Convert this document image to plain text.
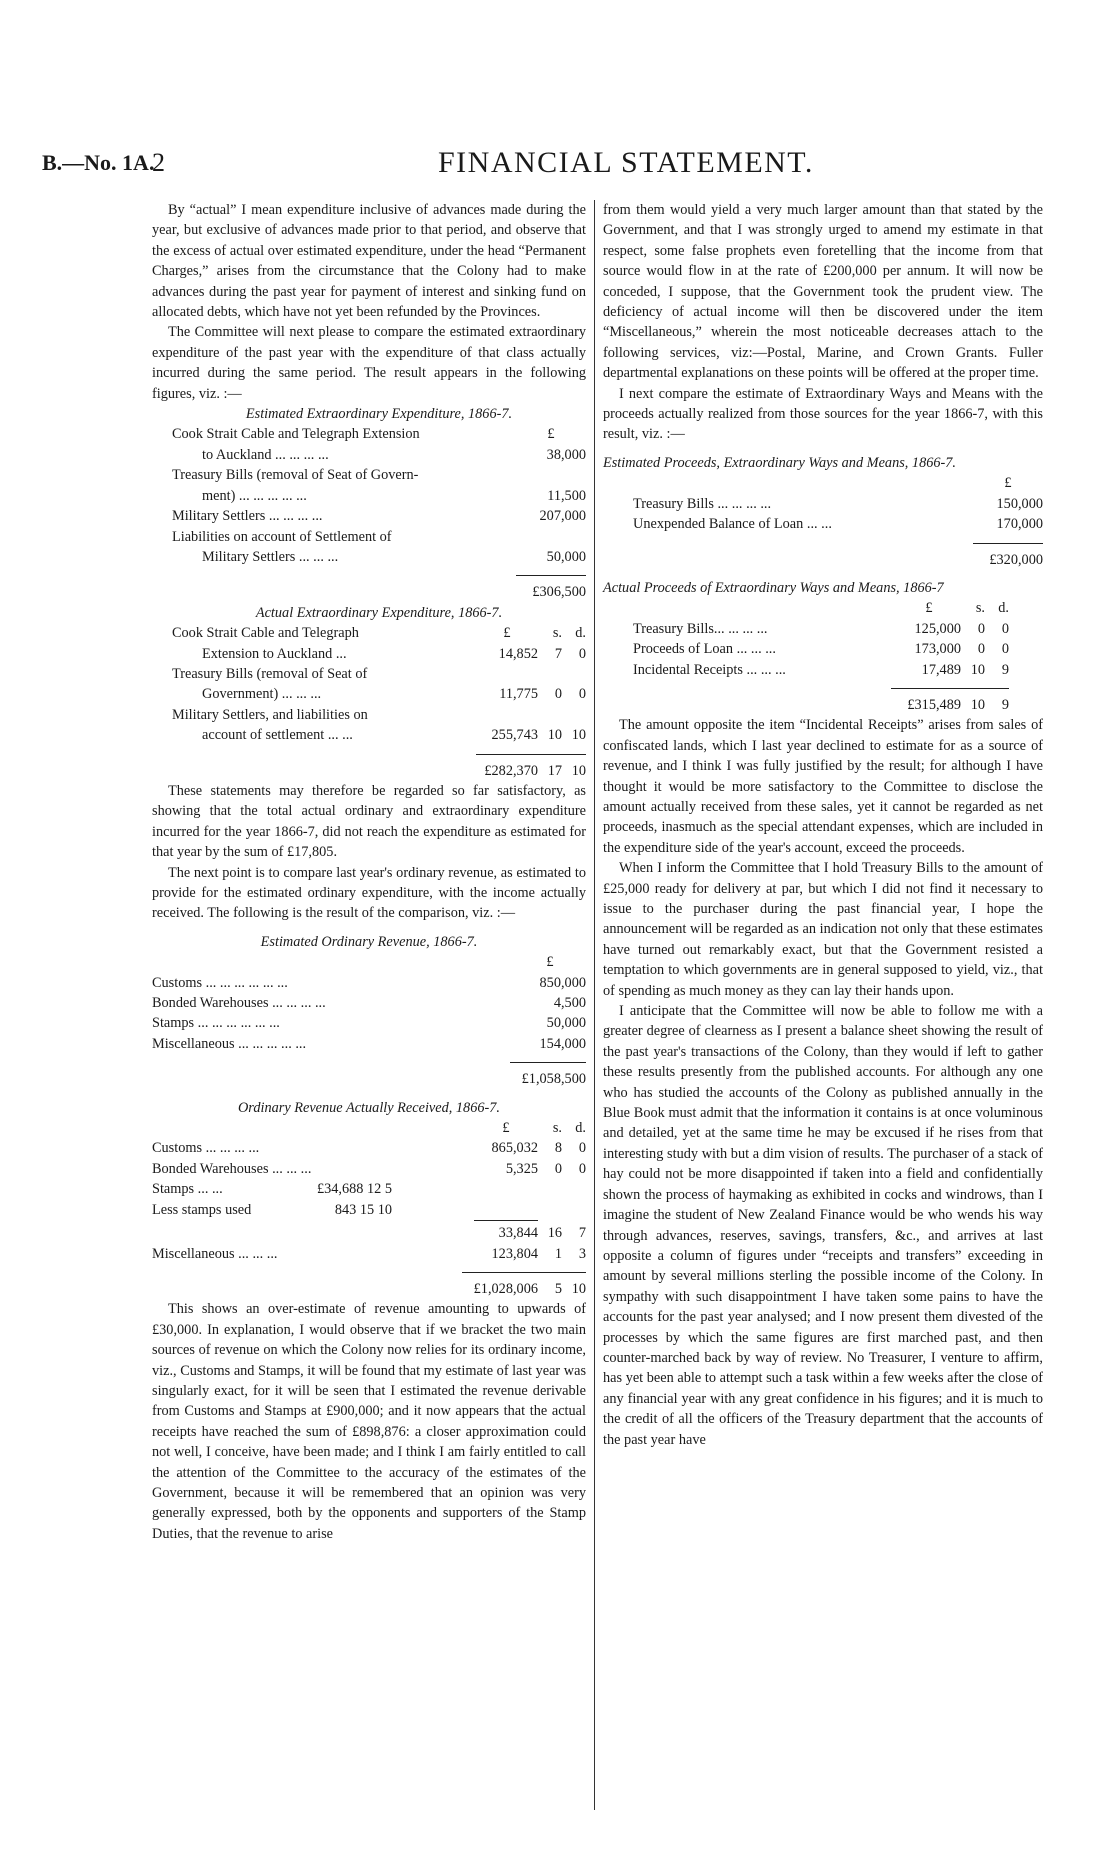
B.—No. 1A.
2	FINANCIAL STATEMENT.

By “actual” I mean expenditure inclusive of advances made during the year, but exclusive of advances made prior to that period, and observe that the excess of actual over estimated expenditure, under the head “Permanent Charges,” arises from the circumstance that the Colony had to make advances during the past year for payment of interest and sinking fund on allocated debts, which have not yet been refunded by the Provinces.

The Committee will next please to compare the estimated extraordinary expenditure of the past year with the expenditure of that class actually incurred during the same period. The result appears in the following figures, viz. :—

Estimated Extraordinary Expenditure, 1866-7.
Cook Strait Cable and Telegraph Extension	£
to Auckland ... ... ... ...	38,000
Treasury Bills (removal of Seat of Govern-
ment) ... ... ... ... ...	11,500
Military Settlers ... ... ... ...	207,000
Liabilities on account of Settlement of
Military Settlers ... ... ...	50,000
£306,500
Actual Extraordinary Expenditure, 1866-7.
Cook Strait Cable and Telegraph	£	s. d.
Extension to Auckland ...	14,852	7	0
Treasury Bills (removal of Seat of
Government) ... ... ...	11,775	0	0
Military Settlers, and liabilities on
account of settlement ... ...	255,743 10 10
£282,370 17 10

These statements may therefore be regarded so far satisfactory, as showing that the total actual ordinary and extraordinary expenditure incurred for the year 1866-7, did not reach the expenditure as estimated for that year by the sum of £17,805.

The next point is to compare last year's ordinary revenue, as estimated to provide for the estimated ordinary expenditure, with the income actually received. The following is the result of the comparison, viz. :—

Estimated Ordinary Revenue, 1866-7.
£
Customs ... ... ... ... ... ...	850,000
Bonded Warehouses ... ... ... ...	4,500
Stamps ... ... ... ... ... ...	50,000
Miscellaneous ... ... ... ... ...	154,000
£1,058,500
Ordinary Revenue Actually Received, 1866-7.
£	s. d.
Customs ... ... ... ...	865,032	8	0
Bonded Warehouses ... ... ...	5,325	0	0
Stamps ... ...	£34,688 12 5
Less stamps used	843 15 10
33,844 16	7
Miscellaneous ... ... ...	123,804	1	3
£1,028,006	5 10

This shows an over-estimate of revenue amounting to upwards of £30,000. In explanation, I would observe that if we bracket the two main sources of revenue on which the Colony now relies for its ordinary income, viz., Customs and Stamps, it will be found that my estimate of last year was singularly exact, for it will be seen that I estimated the revenue derivable from Customs and Stamps at £900,000; and it now appears that the actual receipts have reached the sum of £898,876: a closer approximation could not well, I conceive, have been made; and I think I am fairly entitled to call the attention of the Committee to the accuracy of the estimates of the Government, because it will be remembered that an opinion was very generally expressed, both by the opponents and supporters of the Stamp Duties, that the revenue to arise

from them would yield a very much larger amount than that stated by the Government, and that I was strongly urged to amend my estimate in that respect, some false prophets even foretelling that the income from that source would flow in at the rate of £200,000 per annum. It will now be conceded, I suppose, that the Government took the prudent view. The deficiency of actual income will then be discovered under the item “Miscellaneous,” wherein the most noticeable decreases attach to the following services, viz:—Postal, Marine, and Crown Grants. Fuller departmental explanations on these points will be offered at the proper time.

I next compare the estimate of Extraordinary Ways and Means with the proceeds actually realized from those sources for the year 1866-7, with this result, viz. :—

Estimated Proceeds, Extraordinary Ways and Means, 1866-7.
£
Treasury Bills ... ... ... ...	150,000
Unexpended Balance of Loan ... ...	170,000
£320,000
Actual Proceeds of Extraordinary Ways and Means, 1866-7
£	s. d.
Treasury Bills... ... ... ...	125,000	0	0
Proceeds of Loan ... ... ...	173,000	0	0
Incidental Receipts ... ... ...	17,489 10	9
£315,489 10	9

The amount opposite the item “Incidental Receipts” arises from sales of confiscated lands, which I last year declined to estimate for as a source of revenue, and I think I was fully justified by the result; for although I have thought it would be more satisfactory to the Committee to disclose the amount actually received from these sales, yet it cannot be regarded as net proceeds, inasmuch as the special attendant expenses, which are included in the expenditure side of the year's account, exceed the proceeds.

When I inform the Committee that I hold Treasury Bills to the amount of £25,000 ready for delivery at par, but which I did not find it necessary to issue to the purchaser during the past financial year, I hope the announcement will be regarded as an indication not only that these estimates have turned out remarkably exact, but that the Government resisted a temptation to which governments are in general supposed to yield, viz., that of spending as much money as they can lay their hands upon.

I anticipate that the Committee will now be able to follow me with a greater degree of clearness as I present a balance sheet showing the result of the past year's transactions of the Colony, than they would if left to gather these results presently from the published accounts. For although any one who has studied the accounts of the Colony as published annually in the Blue Book must admit that the information it contains is at once voluminous and detailed, yet at the same time he may be excused if he rises from that interesting study with but a dim vision of results. The purchaser of a stack of hay could not be more disappointed if taken into a field and confidentially shown the process of haymaking as exhibited in cocks and windrows, than I imagine the student of New Zealand Finance would be who wends his way through advances, reserves, savings, transfers, &c., and arrives at last opposite a column of figures under “receipts and transfers” exceeding in amount by several millions sterling the possible income of the Colony. In sympathy with such disappointment I have taken some pains to have the accounts for the past year analysed; and I now present them divested of the processes by which the same figures are first marched past, and then counter-marched back by way of review. No Treasurer, I venture to affirm, has yet been able to attempt such a task within a few weeks after the close of any financial year with any great confidence in his figures; and it is much to the credit of all the officers of the Treasury department that the accounts of the past year have
